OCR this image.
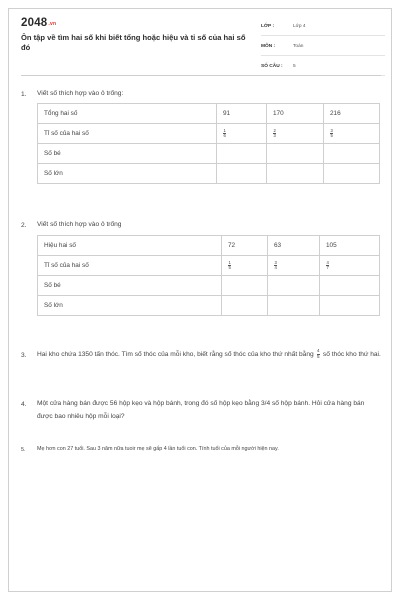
2048.vn
Ôn tập về tìm hai số khi biết tổng hoặc hiệu và tỉ số của hai số đó
LỚP :	Lớp 4
MÔN :	Toán
SỐ CÂU : 5
1. Viết số thích hợp vào ô trống:
Tổng hai số	91	170	216
Tỉ số của hai số	$\frac{1}{6}$	$\frac{2}{3}$	$\frac{3}{5}$

Số bé			
Số lớn			
2. Viết số thích hợp vào ô trống
Hiệu hai số	72	63	105
Tỉ số của hai số	$\frac{1}{5}$	$\frac{3}{4}$	$\frac{4}{7}$

Số bé			
Số lớn			
3. Hai kho chứa 1350 tấn thóc. Tìm số thóc của mỗi kho, biết rằng số thóc của kho thứ nhất bằng $\frac{4}{5}$ số thóc kho thứ hai.
4. Một cửa hàng bán được 56 hộp kẹo và hộp bánh, trong đó số hộp kẹo bằng 3/4 số hộp bánh. Hỏi cửa hàng bán được bao nhiêu hộp mỗi loại?
5. Mẹ hơn con 27 tuổi. Sau 3 năm nữa tuoir mẹ sẽ gấp 4 lần tuổi con. Tính tuổi của mỗi người hiện nay.
